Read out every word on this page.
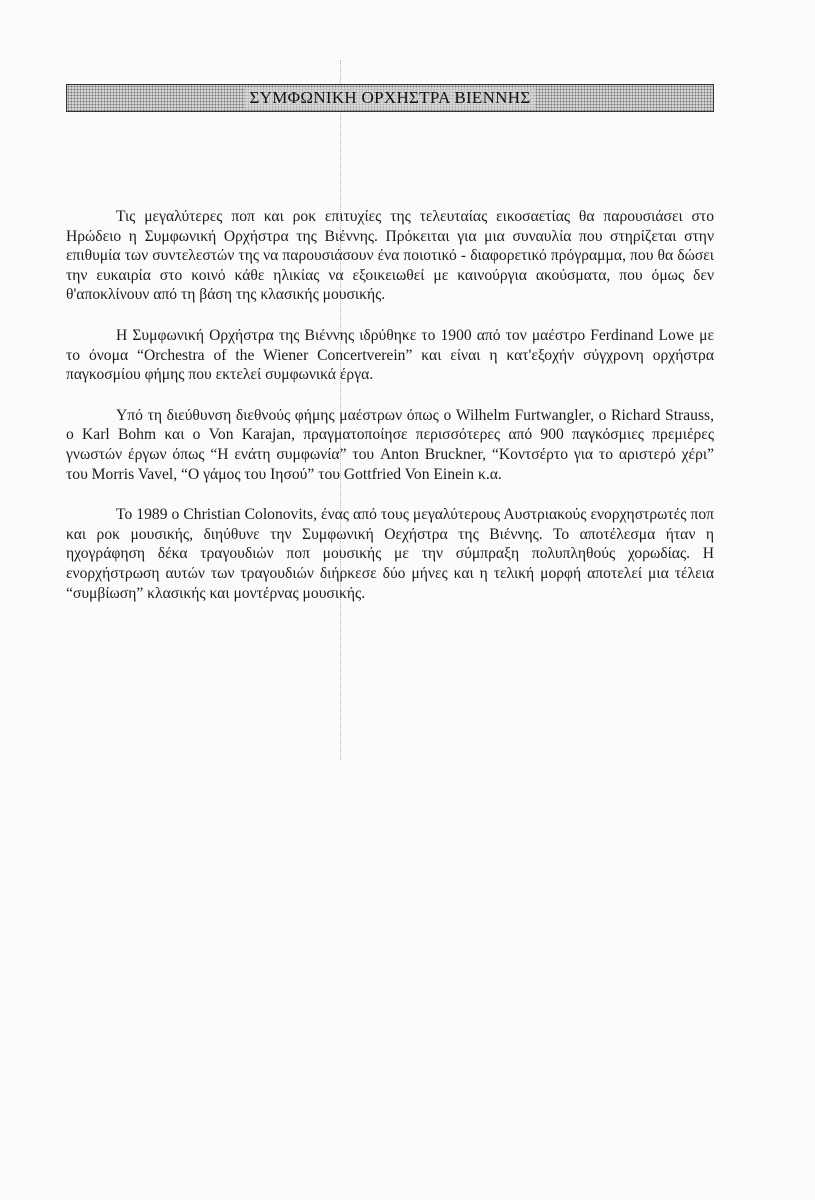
ΣΥΜΦΩΝΙΚΗ ΟΡΧΗΣΤΡΑ ΒΙΕΝΝΗΣ

Τις μεγαλύτερες ποπ και ροκ επιτυχίες της τελευταίας εικοσαετίας θα παρουσιάσει στο Ηρώδειο η Συμφωνική Ορχήστρα της Βιέννης. Πρόκειται για μια συναυλία που στηρίζεται στην επιθυμία των συντελεστών της να παρουσιάσουν ένα ποιοτικό - διαφορετικό πρόγραμμα, που θα δώσει την ευκαιρία στο κοινό κάθε ηλικίας να εξοικειωθεί με καινούργια ακούσματα, που όμως δεν θ'αποκλίνουν από τη βάση της κλασικής μουσικής.

Η Συμφωνική Ορχήστρα της Βιέννης ιδρύθηκε το 1900 από τον μαέστρο Ferdinand Lowe με το όνομα “Orchestra of the Wiener Concertverein” και είναι η κατ'εξοχήν σύγχρονη ορχήστρα παγκοσμίου φήμης που εκτελεί συμφωνικά έργα.

Υπό τη διεύθυνση διεθνούς φήμης μαέστρων όπως ο Wilhelm Furtwangler, o Richard Strauss, ο Karl Bohm και ο Von Karajan, πραγματοποίησε περισσότερες από 900 παγκόσμιες πρεμιέρες γνωστών έργων όπως “Η ενάτη συμφωνία” του Anton Bruckner, “Κοντσέρτο για το αριστερό χέρι” του Morris Vavel, “Ο γάμος του Ιησού” του Gottfried Von Einein κ.α.

Το 1989 ο Christian Colonovits, ένας από τους μεγαλύτερους Αυστριακούς ενορχηστρωτές ποπ και ροκ μουσικής, διηύθυνε την Συμφωνική Οεχήστρα της Βιέννης. Το αποτέλεσμα ήταν η ηχογράφηση δέκα τραγουδιών ποπ μουσικής με την σύμπραξη πολυπληθούς χορωδίας. Η ενορχήστρωση αυτών των τραγουδιών διήρκεσε δύο μήνες και η τελική μορφή αποτελεί μια τέλεια “συμβίωση” κλασικής και μοντέρνας μουσικής.
